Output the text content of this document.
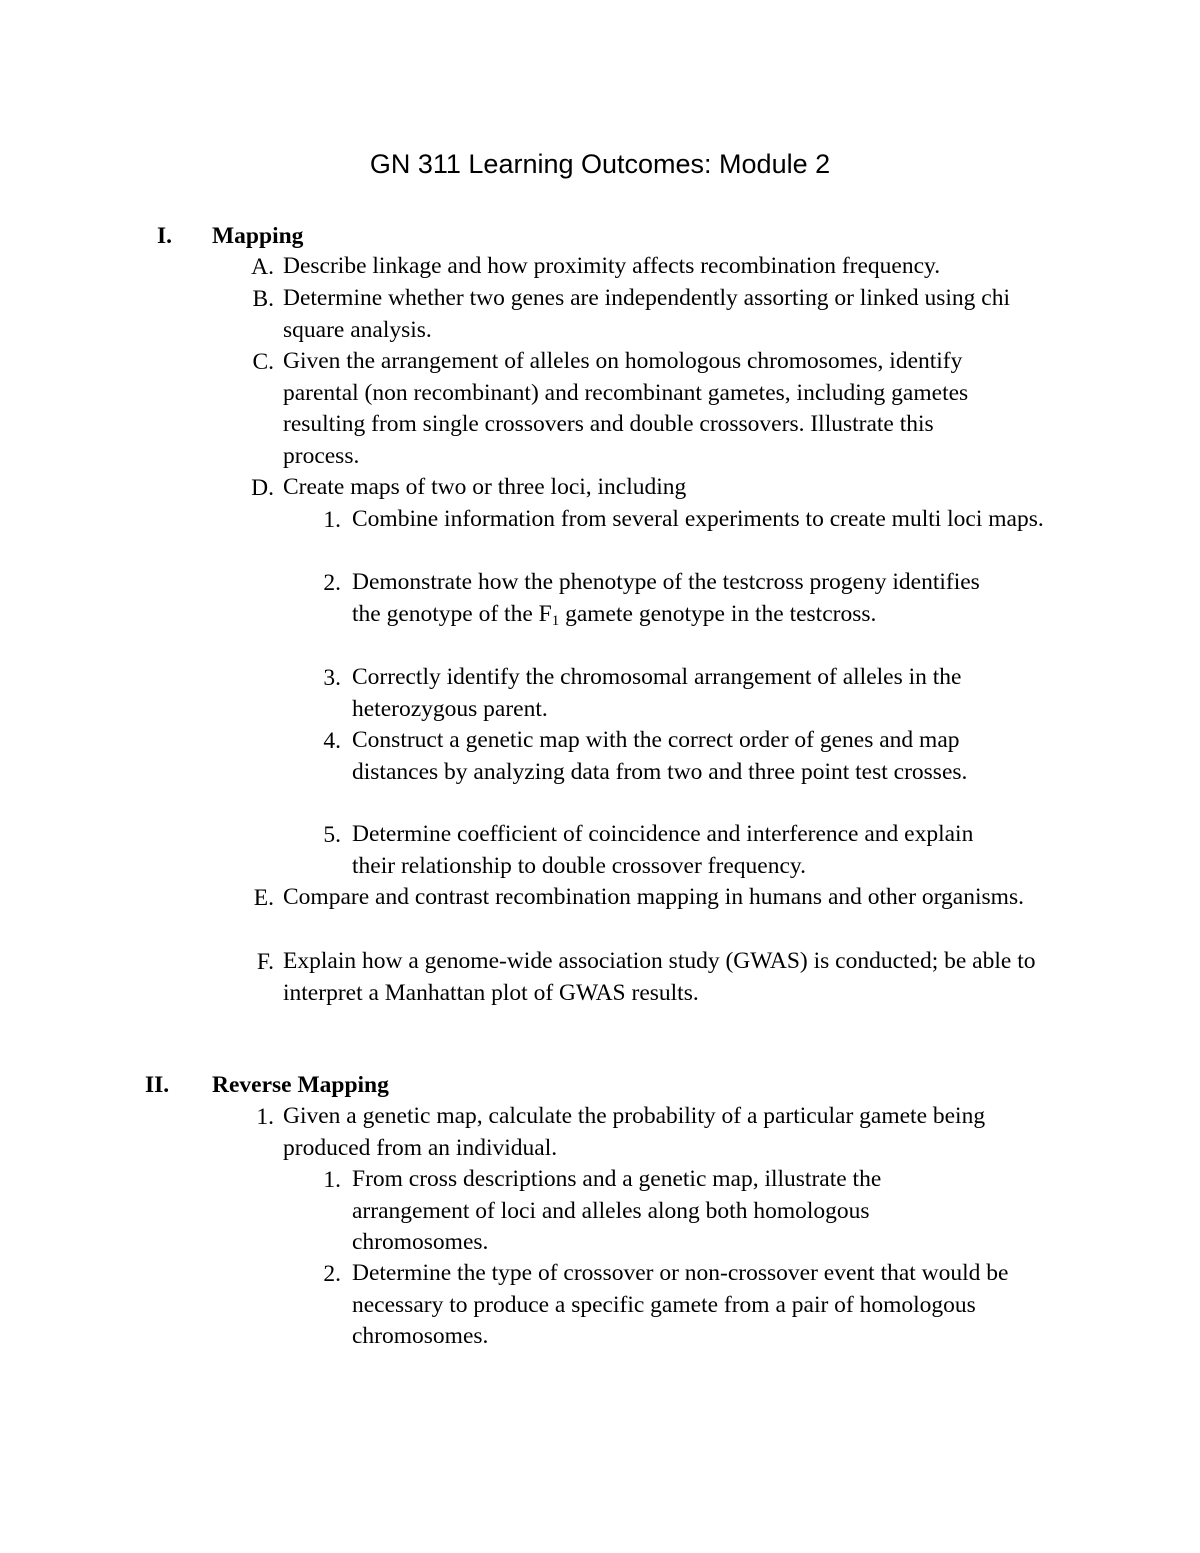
GN 311 Learning Outcomes: Module 2
I. Mapping
A. Describe linkage and how proximity affects recombination frequency.
B. Determine whether two genes are independently assorting or linked using chi square analysis.
C. Given the arrangement of alleles on homologous chromosomes, identify parental (non recombinant) and recombinant gametes, including gametes resulting from single crossovers and double crossovers. Illustrate this process.
D. Create maps of two or three loci, including
1. Combine information from several experiments to create multi loci maps.
2. Demonstrate how the phenotype of the testcross progeny identifies the genotype of the $F_1$ gamete genotype in the testcross.
3. Correctly identify the chromosomal arrangement of alleles in the heterozygous parent.
4. Construct a genetic map with the correct order of genes and map distances by analyzing data from two and three point test crosses.
5. Determine coefficient of coincidence and interference and explain their relationship to double crossover frequency.
E. Compare and contrast recombination mapping in humans and other organisms.
F. Explain how a genome-wide association study (GWAS) is conducted; be able to interpret a Manhattan plot of GWAS results.
II. Reverse Mapping
1. Given a genetic map, calculate the probability of a particular gamete being produced from an individual.
1. From cross descriptions and a genetic map, illustrate the arrangement of loci and alleles along both homologous chromosomes.
2. Determine the type of crossover or non-crossover event that would be necessary to produce a specific gamete from a pair of homologous chromosomes.
